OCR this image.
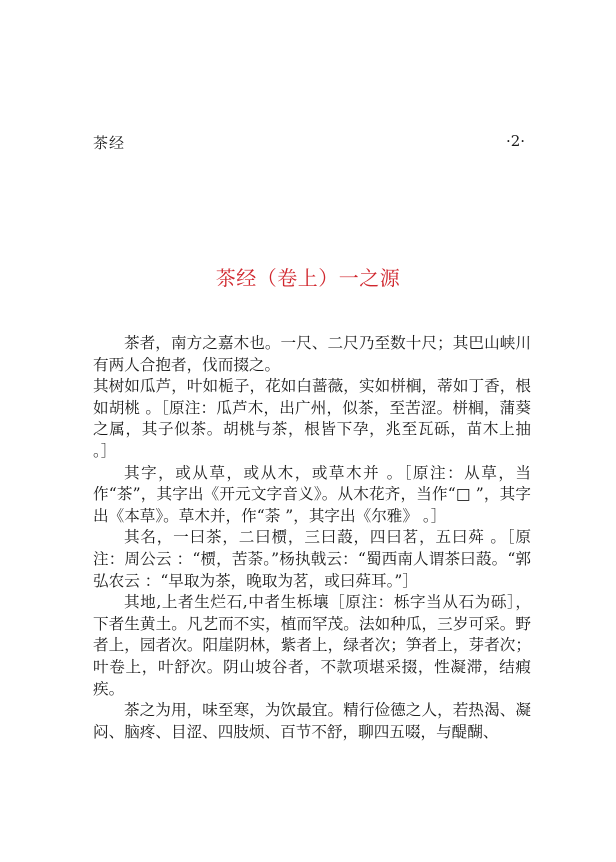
茶经	·2·
茶经（卷上）一之源

茶者，南方之嘉木也。一尺、二尺乃至数十尺；其巴山峡川有两人合抱者，伐而掇之。

其树如瓜芦，叶如栀子，花如白蔷薇，实如栟榈，蒂如丁香，根如胡桃 。［原注：瓜芦木，出广州，似茶，至苦涩。栟榈，蒲葵之属，其子似茶。胡桃与茶，根皆下孕，兆至瓦砾，苗木上抽 。］

其字，或从草，或从木，或草木并 。［原注：从草，当作“茶”，其字出《开元文字音义》。从木花齐，当作“□ ”，其字出《本草》。草木并，作“荼 ”，其字出《尔雅》 。］

其名，一曰茶，二曰槚，三曰蔎，四曰茗，五曰荈 。［原注：周公云 ：“槚，苦荼。”杨执戟云：“蜀西南人谓茶曰蔎。“郭弘农云 ：“早取为茶，晚取为茗，或曰荈耳。”］

其地,上者生烂石,中者生栎壤［原注：栎字当从石为砾］，下者生黄土。凡艺而不实，植而罕茂。法如种瓜，三岁可采。野者上，园者次。阳崖阴林，紫者上，绿者次；笋者上，芽者次；叶卷上，叶舒次。阴山坡谷者，不款项堪采掇，性凝滞，结瘕疾。

茶之为用，味至寒，为饮最宜。精行俭德之人，若热渴、凝闷、脑疼、目涩、四肢烦、百节不舒，聊四五啜，与醍醐、
